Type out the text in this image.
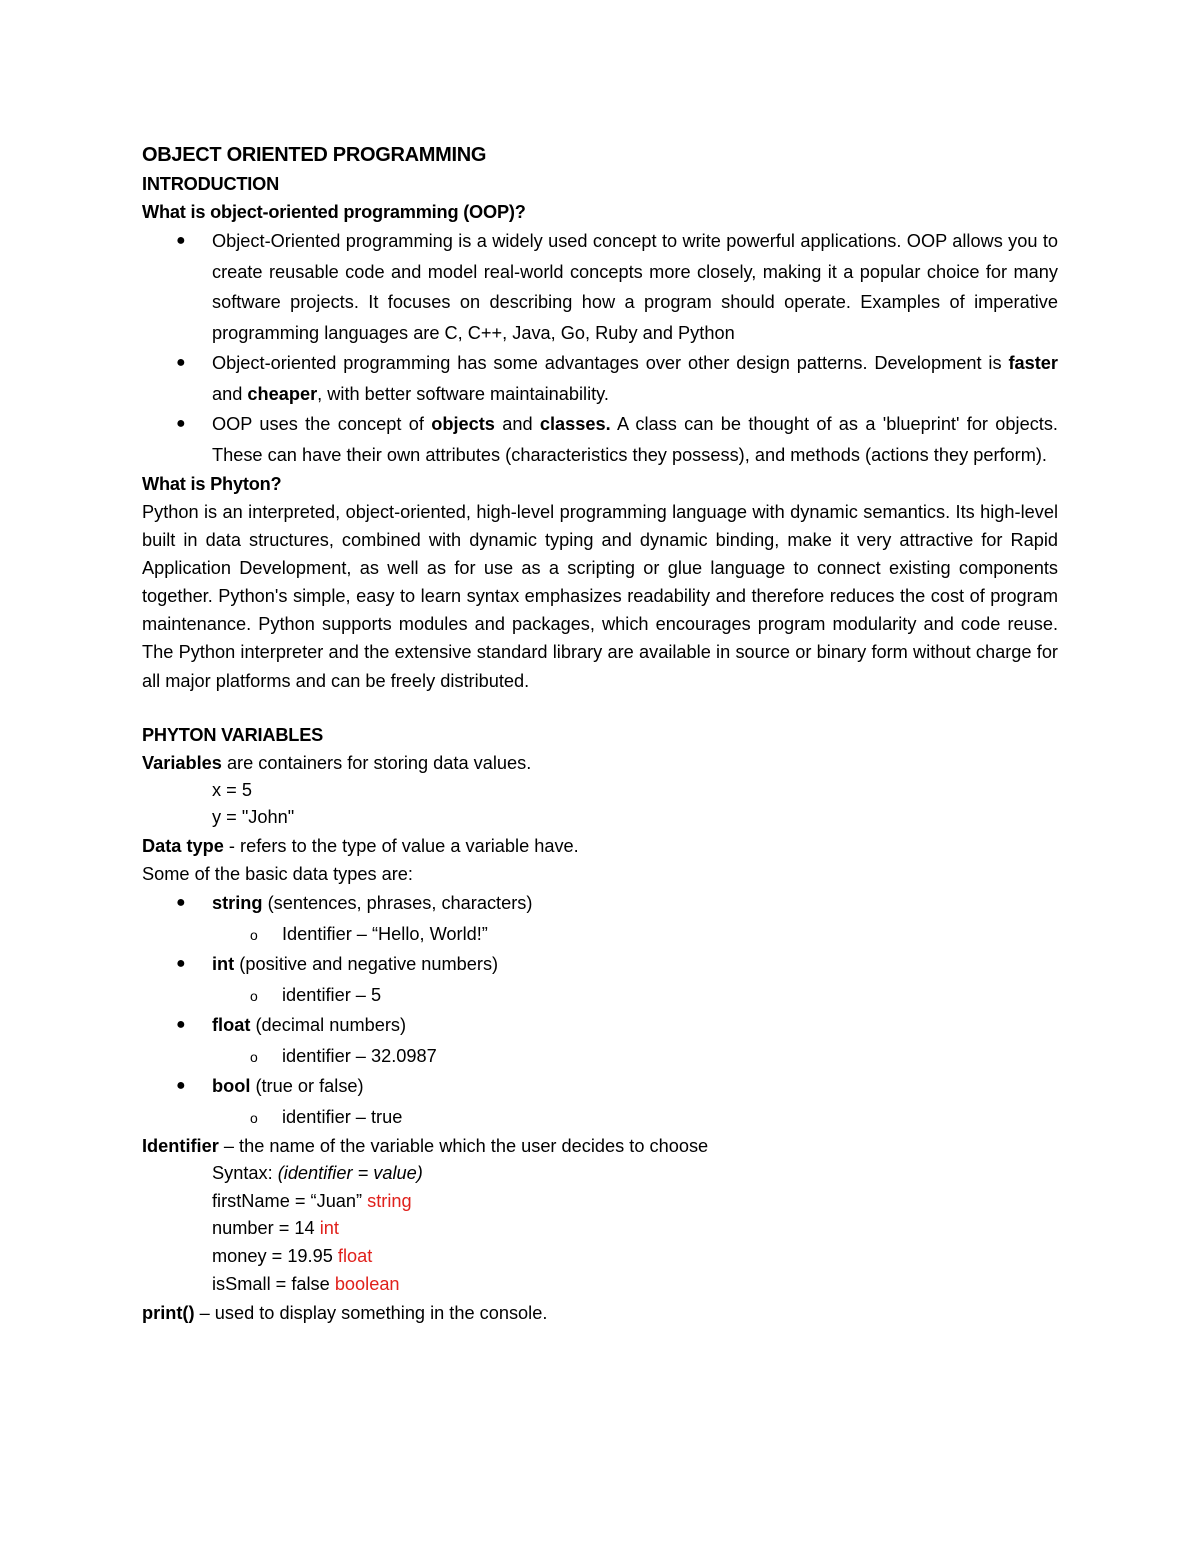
OBJECT ORIENTED PROGRAMMING
INTRODUCTION
What is object-oriented programming (OOP)?
● Object-Oriented programming is a widely used concept to write powerful applications. OOP allows you to create reusable code and model real-world concepts more closely, making it a popular choice for many software projects. It focuses on describing how a program should operate. Examples of imperative programming languages are C, C++, Java, Go, Ruby and Python

● Object-oriented programming has some advantages over other design patterns. Development is faster and cheaper, with better software maintainability.

● OOP uses the concept of objects and classes. A class can be thought of as a 'blueprint' for objects. These can have their own attributes (characteristics they possess), and methods (actions they perform).

What is Phyton?

Python is an interpreted, object-oriented, high-level programming language with dynamic semantics. Its high-level built in data structures, combined with dynamic typing and dynamic binding, make it very attractive for Rapid Application Development, as well as for use as a scripting or glue language to connect existing components together. Python's simple, easy to learn syntax emphasizes readability and therefore reduces the cost of program maintenance. Python supports modules and packages, which encourages program modularity and code reuse. The Python interpreter and the extensive standard library are available in source or binary form without charge for all major platforms and can be freely distributed.

PHYTON VARIABLES
Variables are containers for storing data values.
x = 5
y = "John"
Data type - refers to the type of value a variable have.
Some of the basic data types are:
● string (sentences, phrases, characters)
o Identifier – “Hello, World!”
● int (positive and negative numbers)
o identifier – 5
● float (decimal numbers)
o identifier – 32.0987
● bool (true or false)
o identifier – true
Identifier – the name of the variable which the user decides to choose
Syntax: (identifier = value)
firstName = “Juan” string
number = 14 int
money = 19.95 float
isSmall = false boolean
print() – used to display something in the console.
